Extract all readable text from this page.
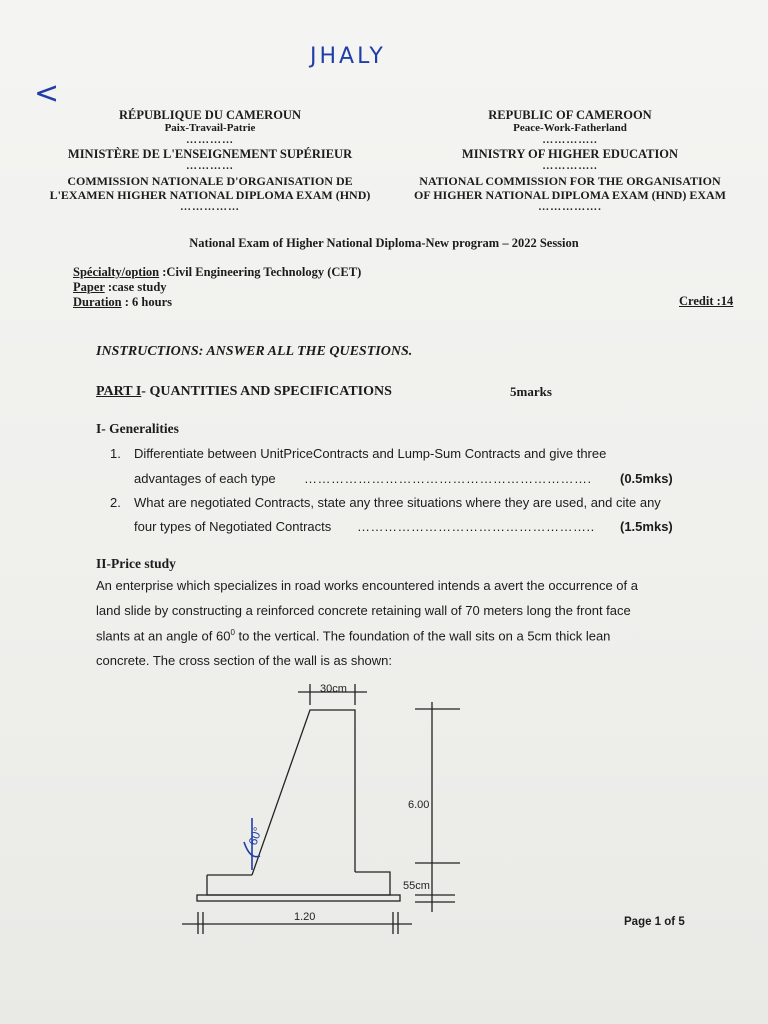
JHALY
<
RÉPUBLIQUE DU CAMEROUN
Paix-Travail-Patrie
…………
MINISTÈRE DE L'ENSEIGNEMENT SUPÉRIEUR
…………
COMMISSION NATIONALE D'ORGANISATION DE
L'EXAMEN HIGHER NATIONAL DIPLOMA EXAM (HND)
……………
REPUBLIC OF CAMEROON
Peace-Work-Fatherland
…………..
MINISTRY OF HIGHER EDUCATION
…………..
NATIONAL COMMISSION FOR THE ORGANISATION
OF HIGHER NATIONAL DIPLOMA EXAM (HND) EXAM
…………….
National Exam of Higher National Diploma-New program – 2022 Session
Spécialty/option :Civil Engineering Technology (CET)
Paper :case study
Duration : 6 hours	Credit :14
INSTRUCTIONS: ANSWER ALL THE QUESTIONS.
PART I- QUANTITIES AND SPECIFICATIONS	5marks
I- Generalities
1. Differentiate between UnitPriceContracts and Lump-Sum Contracts and give three
advantages of each type ………………………………………………………. (0.5mks)
2. What are negotiated Contracts, state any three situations where they are used, and cite any
four types of Negotiated Contracts …………………………………………….. (1.5mks)
II-Price study
An enterprise which specializes in road works encountered intends a avert the occurrence of a
land slide by constructing a reinforced concrete retaining wall of 70 meters long the front face
slants at an angle of $60^0$ to the vertical. The foundation of the wall sits on a 5cm thick lean
concrete. The cross section of the wall is as shown:
60°
30cm
6.00
55cm
1.20	Page 1 of 5
